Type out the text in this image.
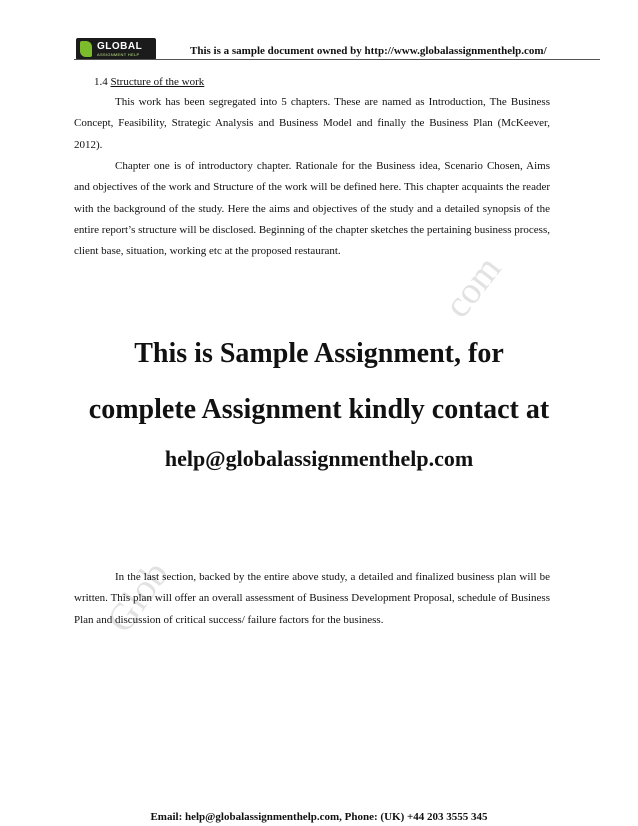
GLOBAL
ASSIGNMENT HELP	This is a sample document owned by http://www.globalassignmenthelp.com/
1.4 Structure of the work

This work has been segregated into 5 chapters. These are named as Introduction, The Business Concept, Feasibility, Strategic Analysis and Business Model and finally the Business Plan (McKeever, 2012).

Chapter one is of introductory chapter. Rationale for the Business idea, Scenario Chosen, Aims and objectives of the work and Structure of the work will be defined here. This chapter acquaints the reader with the background of the study. Here the aims and objectives of the study and a detailed synopsis of the entire report’s structure will be disclosed. Beginning of the chapter sketches the pertaining business process, client base, situation, working etc at the proposed restaurant.	com
Glob

This is Sample Assignment, for

complete Assignment kindly contact at

help@globalassignmenthelp.com

In the last section, backed by the entire above study, a detailed and finalized business plan will be written. This plan will offer an overall assessment of Business Development Proposal, schedule of Business Plan and discussion of critical success/ failure factors for the business.

Email: help@globalassignmenthelp.com, Phone: (UK) +44 203 3555 345
